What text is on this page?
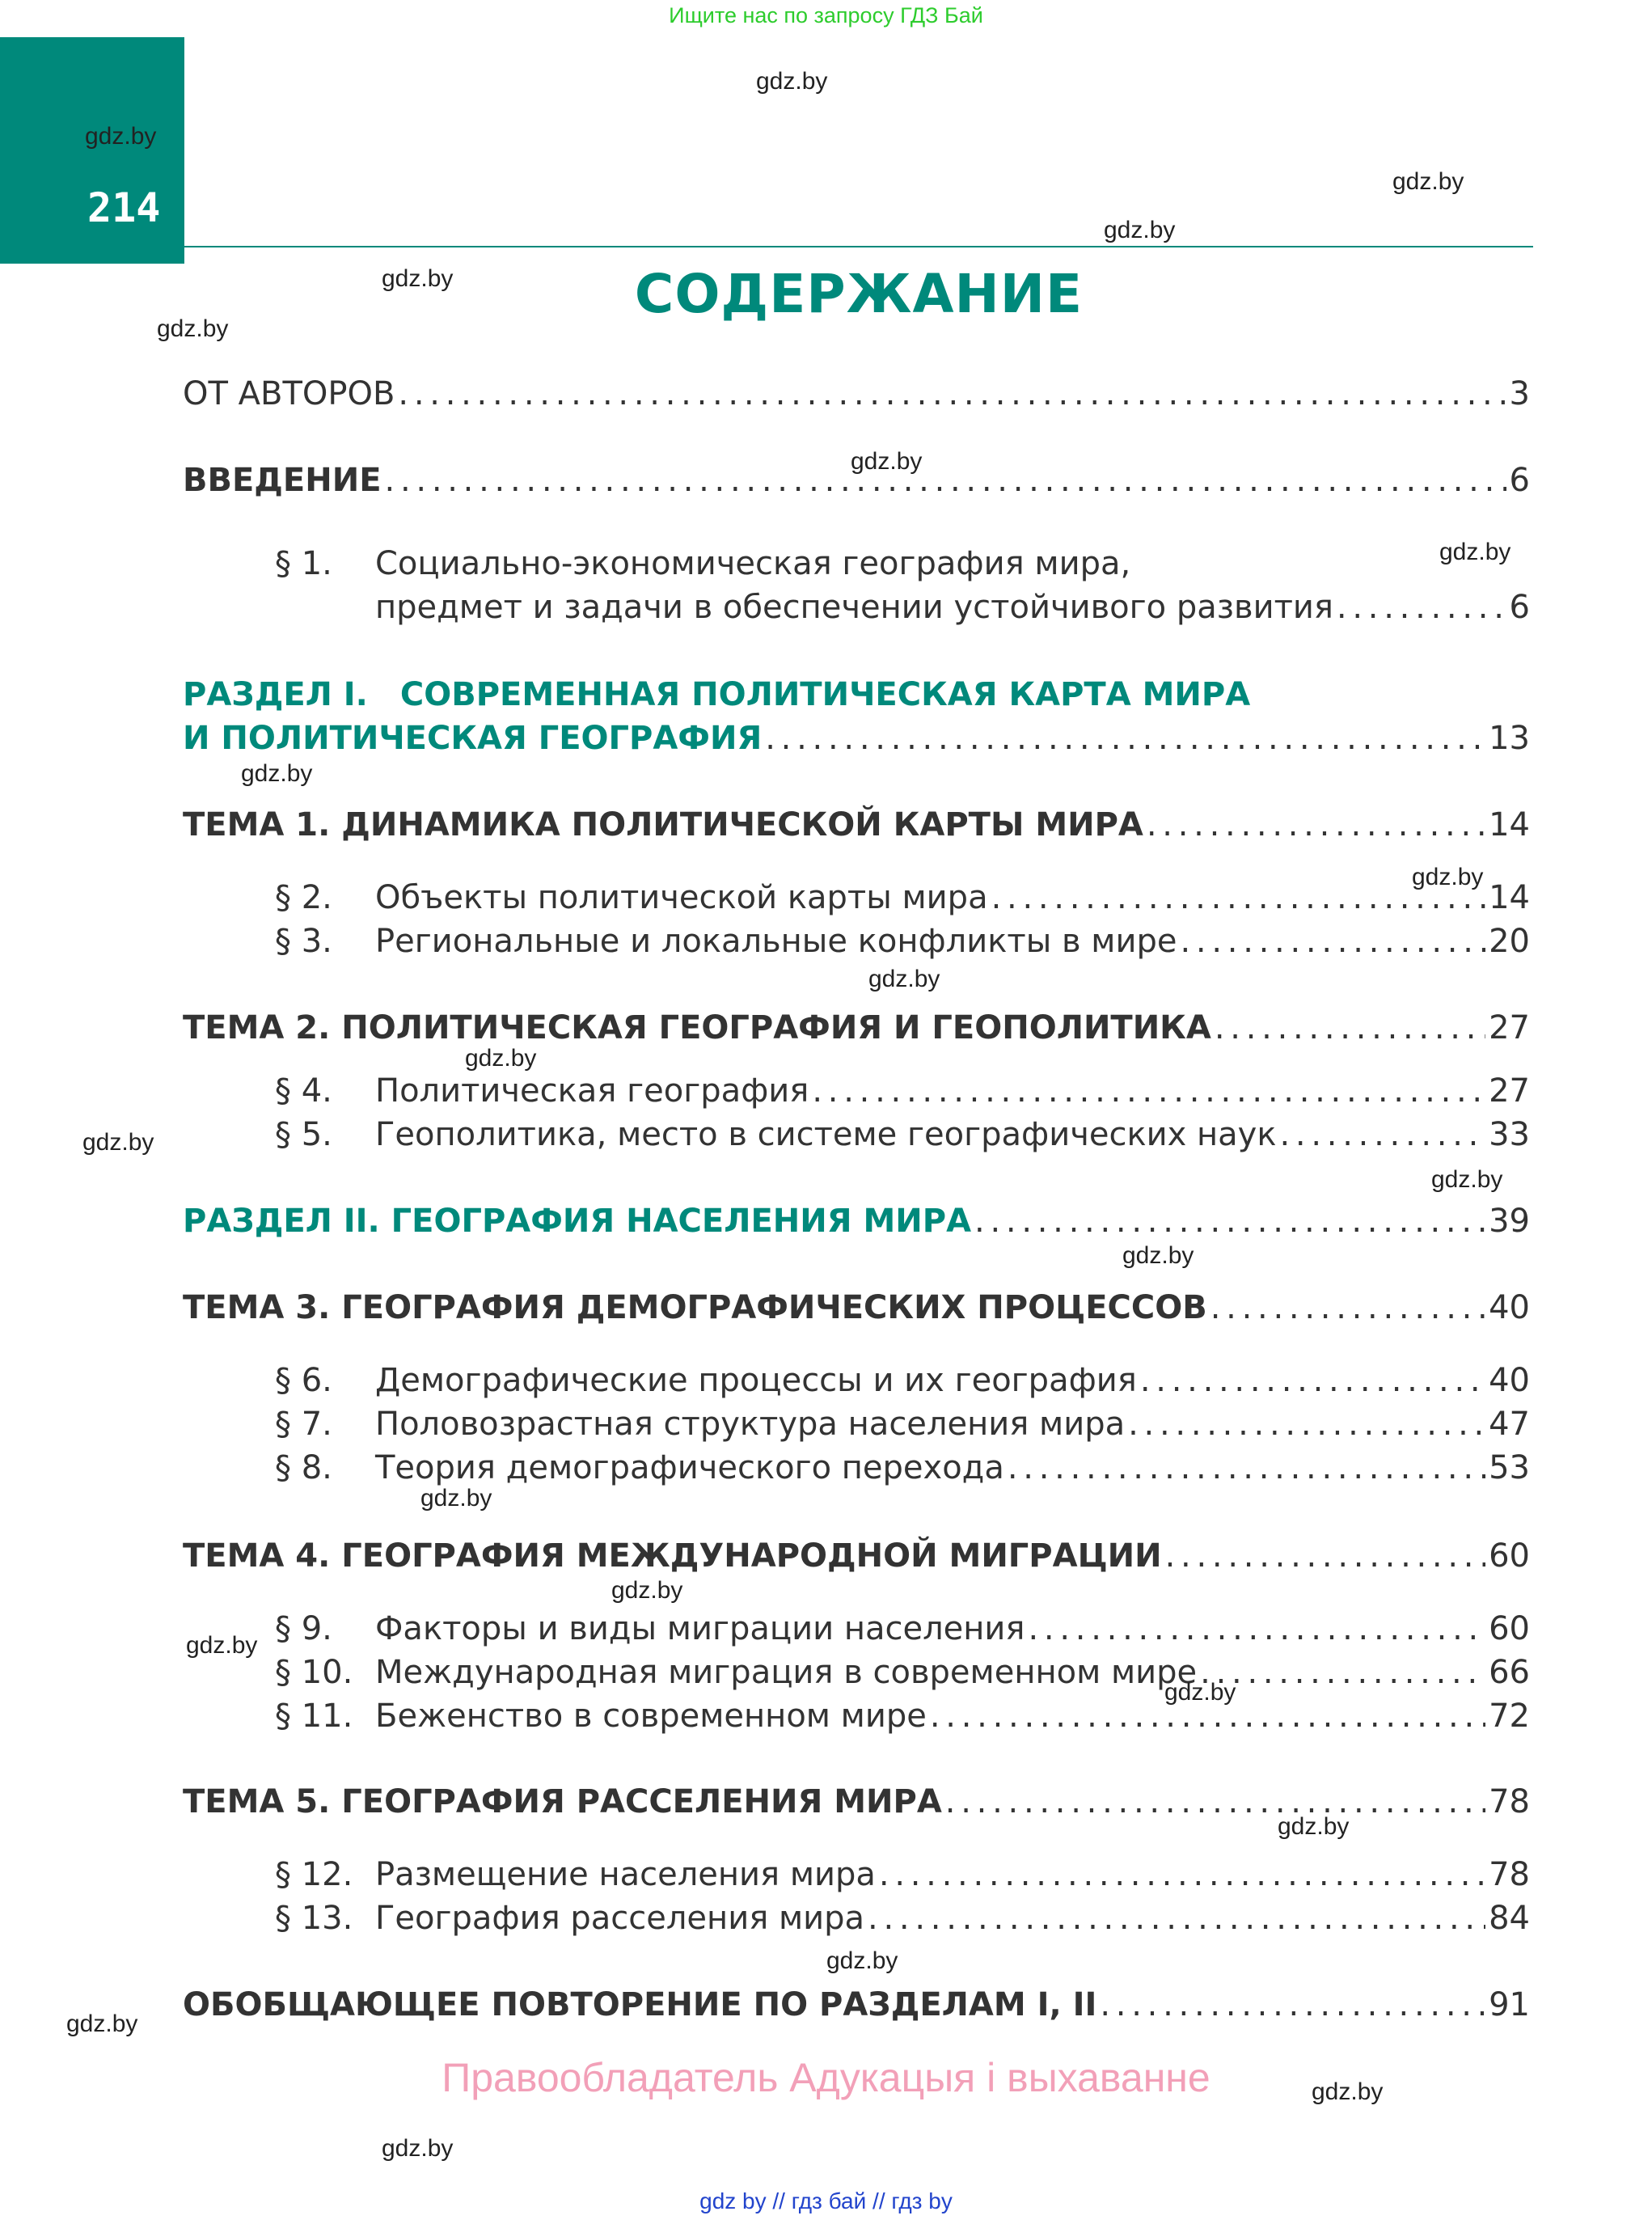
Ищите нас по запросу ГДЗ Бай
214
СОДЕРЖАНИЕ
ОТ АВТОРОВ . . .	3
ВВЕДЕНИЕ . . .	6
§ 1.	Социально-экономическая география мира,
предмет и задачи в обеспечении устойчивого развития . . .	6
РАЗДЕЛ I. СОВРЕМЕННАЯ ПОЛИТИЧЕСКАЯ КАРТА МИРА
И ПОЛИТИЧЕСКАЯ ГЕОГРАФИЯ . . .	13
ТЕМА 1. ДИНАМИКА ПОЛИТИЧЕСКОЙ КАРТЫ МИРА . . .	14
§ 2.	Объекты политической карты мира . . .	14
§ 3.	Региональные и локальные конфликты в мире . . .	20
ТЕМА 2. ПОЛИТИЧЕСКАЯ ГЕОГРАФИЯ И ГЕОПОЛИТИКА . . .	27
§ 4.	Политическая география . . .	27
§ 5.	Геополитика, место в системе географических наук . . .	33
РАЗДЕЛ II. ГЕОГРАФИЯ НАСЕЛЕНИЯ МИРА . . .	39
ТЕМА 3. ГЕОГРАФИЯ ДЕМОГРАФИЧЕСКИХ ПРОЦЕССОВ . . .	40
§ 6.	Демографические процессы и их география . . .	40
§ 7.	Половозрастная структура населения мира . . .	47
§ 8.	Теория демографического перехода . . .	53
ТЕМА 4. ГЕОГРАФИЯ МЕЖДУНАРОДНОЙ МИГРАЦИИ . . .	60
§ 9.	Факторы и виды миграции населения . . .	60
§ 10. Международная миграция в современном мире . . .	66
§ 11. Беженство в современном мире . . .	72
ТЕМА 5. ГЕОГРАФИЯ РАССЕЛЕНИЯ МИРА . . .	78
§ 12. Размещение населения мира . . .	78
§ 13. География расселения мира . . .	84
ОБОБЩАЮЩЕЕ ПОВТОРЕНИЕ ПО РАЗДЕЛАМ I, II . . .	91
gdz.by
gdz.by
gdz.by
gdz.by
gdz.by
gdz.by
gdz.by
gdz.by
gdz.by
gdz.by
gdz.by
gdz.by
gdz.by
gdz.by
gdz.by
gdz.by
gdz.by
gdz.by
gdz.by
gdz.by
gdz.by
gdz.by
gdz.by
gdz.by
Правообладатель Адукацыя і выхаванне
gdz by // гдз бай // гдз by
